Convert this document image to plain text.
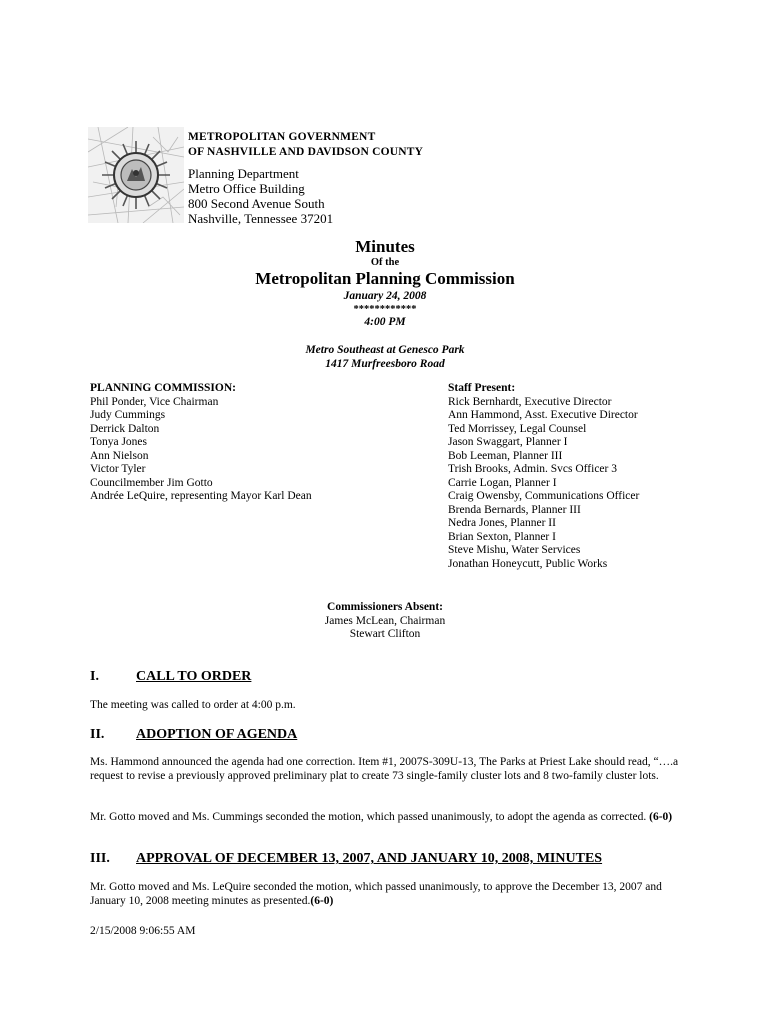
METROPOLITAN GOVERNMENT
OF NASHVILLE AND DAVIDSON COUNTY
Planning Department
Metro Office Building
800 Second Avenue South
Nashville, Tennessee 37201
Minutes
Of the
Metropolitan Planning Commission
January 24, 2008
************
4:00 PM
Metro Southeast at Genesco Park
1417 Murfreesboro Road
PLANNING COMMISSION:
Phil Ponder, Vice Chairman
Judy Cummings
Derrick Dalton
Tonya Jones
Ann Nielson
Victor Tyler
Councilmember Jim Gotto
Andrée LeQuire, representing Mayor Karl Dean
Staff Present:
Rick Bernhardt, Executive Director
Ann Hammond, Asst. Executive Director
Ted Morrissey, Legal Counsel
Jason Swaggart, Planner I
Bob Leeman, Planner III
Trish Brooks, Admin. Svcs Officer 3
Carrie Logan, Planner I
Craig Owensby, Communications Officer
Brenda Bernards, Planner III
Nedra Jones, Planner II
Brian Sexton, Planner I
Steve Mishu, Water Services
Jonathan Honeycutt, Public Works
Commissioners Absent:
James McLean, Chairman
Stewart Clifton
I.	CALL TO ORDER
The meeting was called to order at 4:00 p.m.
II. ADOPTION OF AGENDA
Ms. Hammond announced the agenda had one correction. Item #1, 2007S-309U-13, The Parks at Priest Lake should read, “….a request to revise a previously approved preliminary plat to create 73 single-family cluster lots and 8 two-family cluster lots.
Mr. Gotto moved and Ms. Cummings seconded the motion, which passed unanimously, to adopt the agenda as corrected. (6-0)
III. APPROVAL OF DECEMBER 13, 2007, AND JANUARY 10, 2008, MINUTES
Mr. Gotto moved and Ms. LeQuire seconded the motion, which passed unanimously, to approve the December 13, 2007 and January 10, 2008 meeting minutes as presented.(6-0)
2/15/2008 9:06:55 AM
